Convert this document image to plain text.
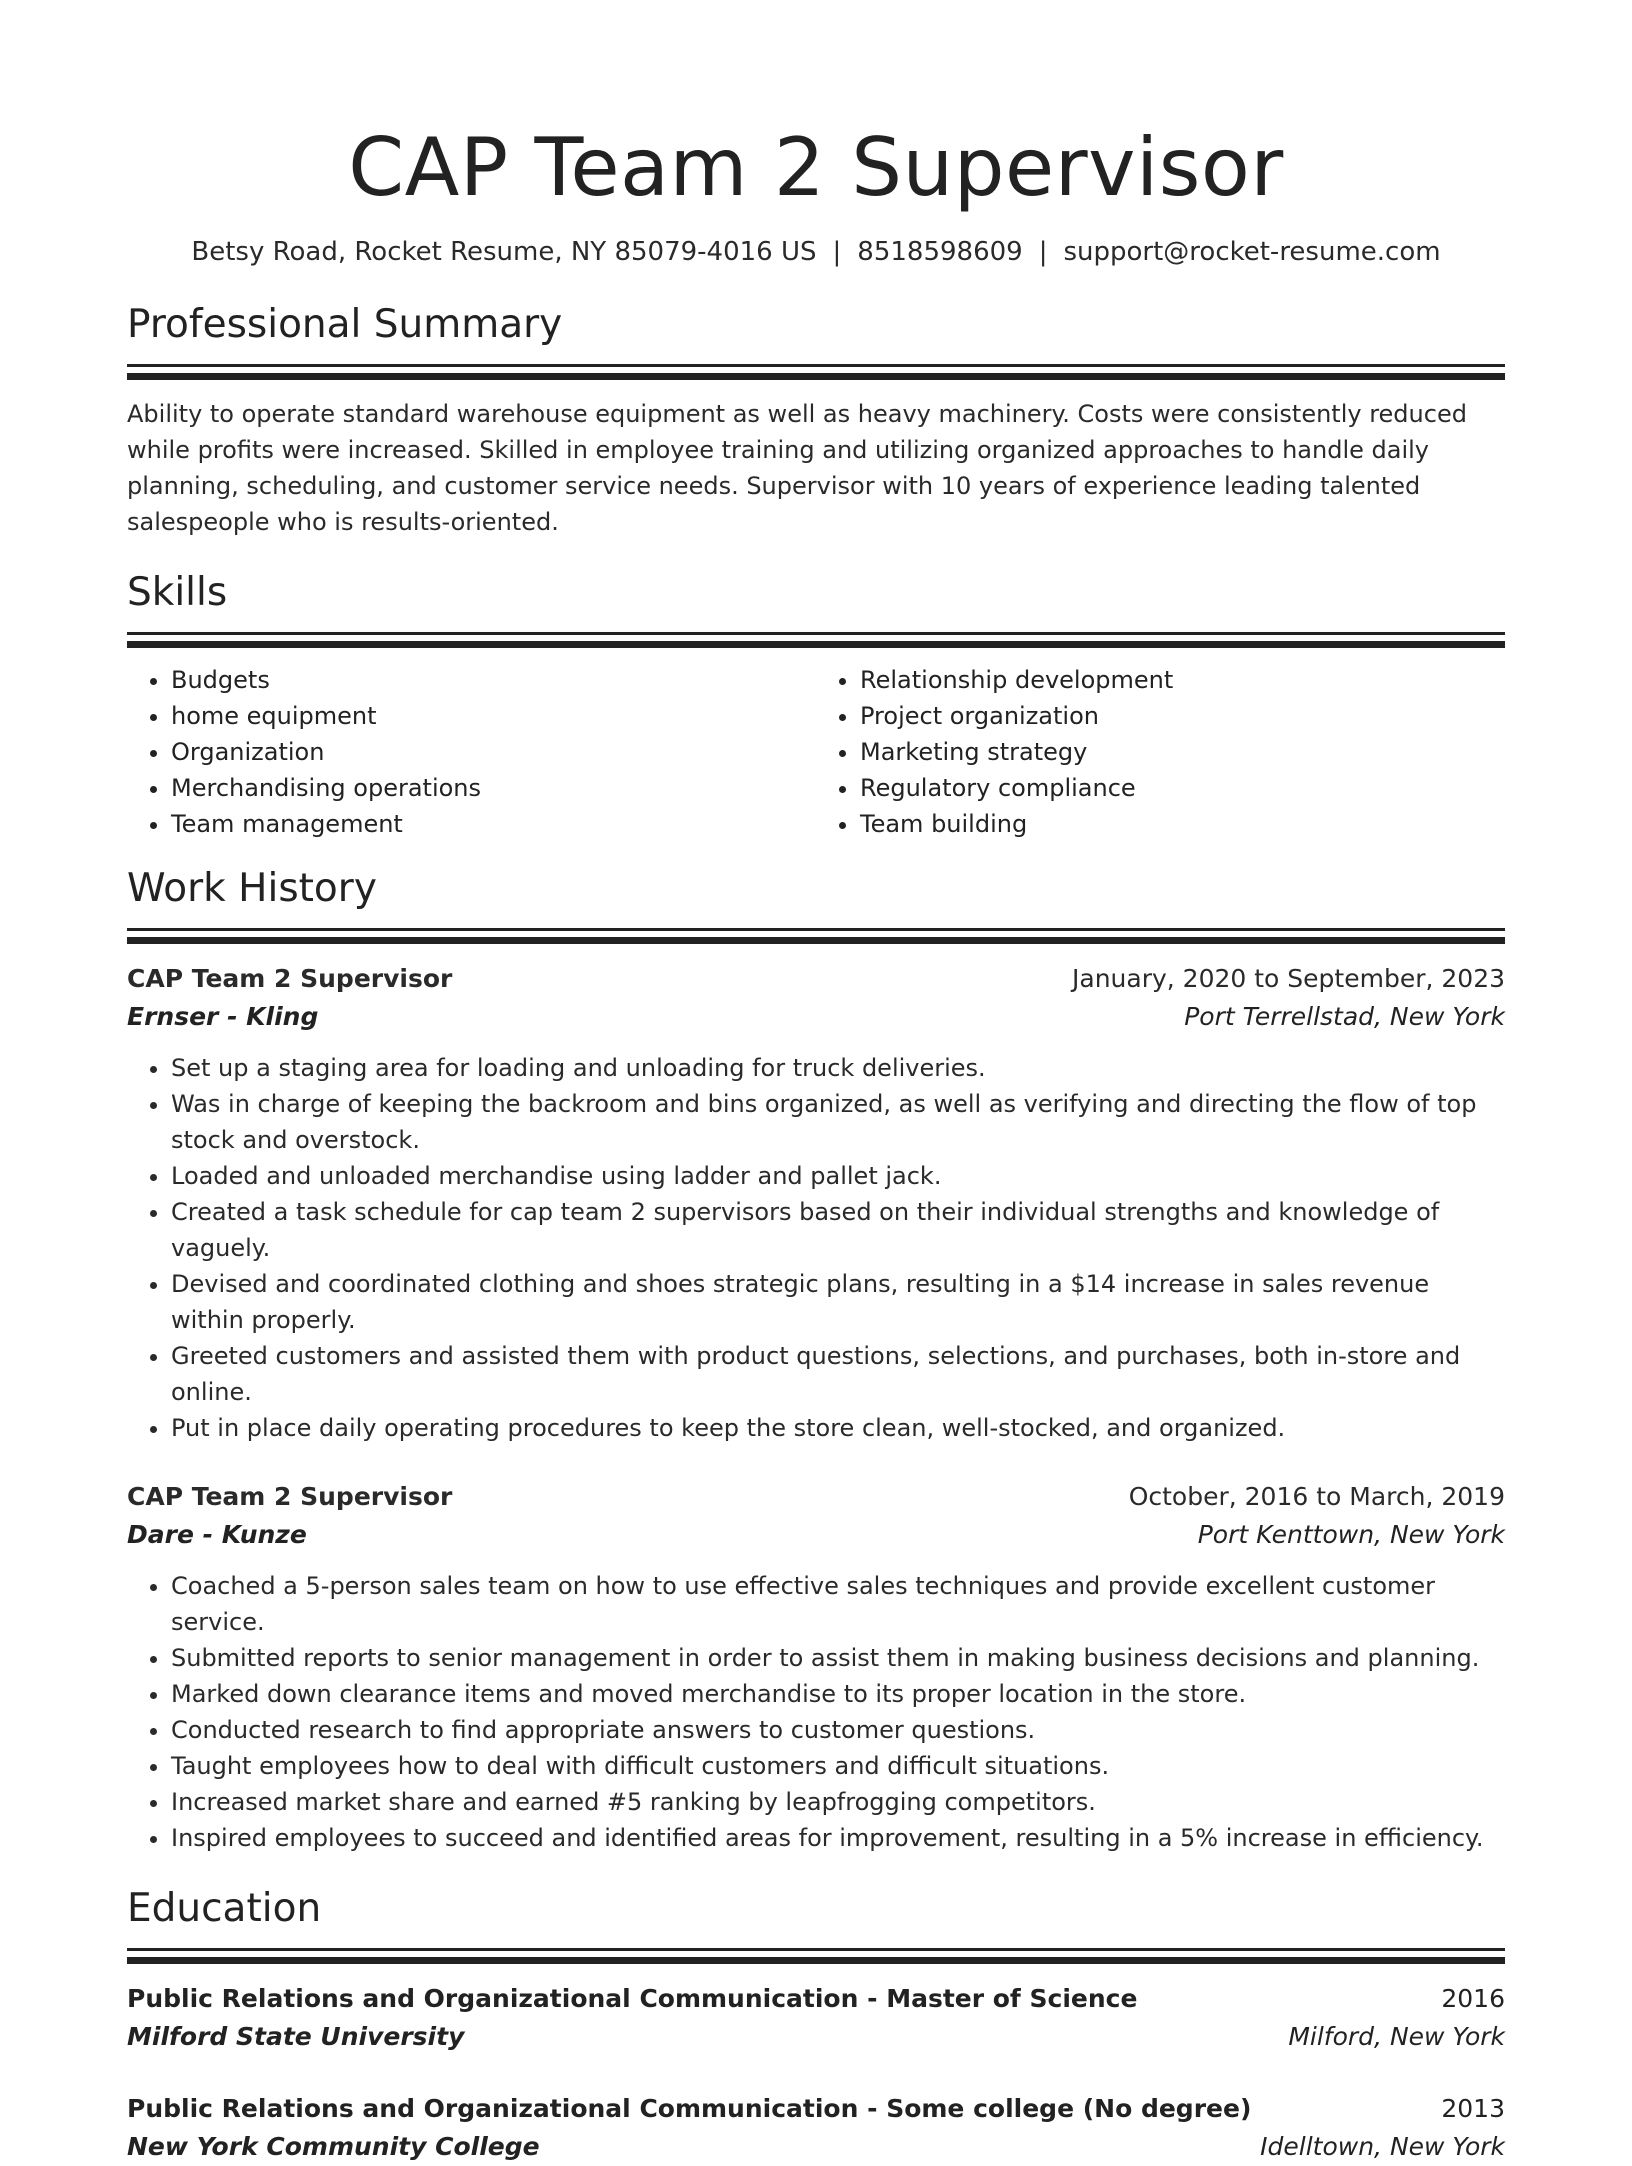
CAP Team 2 Supervisor
Betsy Road, Rocket Resume, NY 85079-4016 US | 8518598609 | support@rocket-resume.com
Professional Summary
Ability to operate standard warehouse equipment as well as heavy machinery. Costs were consistently reduced while profits were increased. Skilled in employee training and utilizing organized approaches to handle daily planning, scheduling, and customer service needs. Supervisor with 10 years of experience leading talented salespeople who is results-oriented.
Skills
• Budgets
• home equipment
• Organization
• Merchandising operations
• Team management
• Relationship development
• Project organization
• Marketing strategy
• Regulatory compliance
• Team building
Work History
CAP Team 2 Supervisor	January, 2020 to September, 2023
Ernser - Kling	Port Terrellstad, New York
• Set up a staging area for loading and unloading for truck deliveries.
• Was in charge of keeping the backroom and bins organized, as well as verifying and directing the flow of top stock and overstock.
• Loaded and unloaded merchandise using ladder and pallet jack.
• Created a task schedule for cap team 2 supervisors based on their individual strengths and knowledge of vaguely.
• Devised and coordinated clothing and shoes strategic plans, resulting in a $14 increase in sales revenue within properly.
• Greeted customers and assisted them with product questions, selections, and purchases, both in-store and online.
• Put in place daily operating procedures to keep the store clean, well-stocked, and organized.
CAP Team 2 Supervisor	October, 2016 to March, 2019
Dare - Kunze	Port Kenttown, New York
• Coached a 5-person sales team on how to use effective sales techniques and provide excellent customer service.
• Submitted reports to senior management in order to assist them in making business decisions and planning.
• Marked down clearance items and moved merchandise to its proper location in the store.
• Conducted research to find appropriate answers to customer questions.
• Taught employees how to deal with difficult customers and difficult situations.
• Increased market share and earned #5 ranking by leapfrogging competitors.
• Inspired employees to succeed and identified areas for improvement, resulting in a 5% increase in efficiency.
Education
Public Relations and Organizational Communication - Master of Science	2016
Milford State University	Milford, New York
Public Relations and Organizational Communication - Some college (No degree)	2013
New York Community College	Idelltown, New York
